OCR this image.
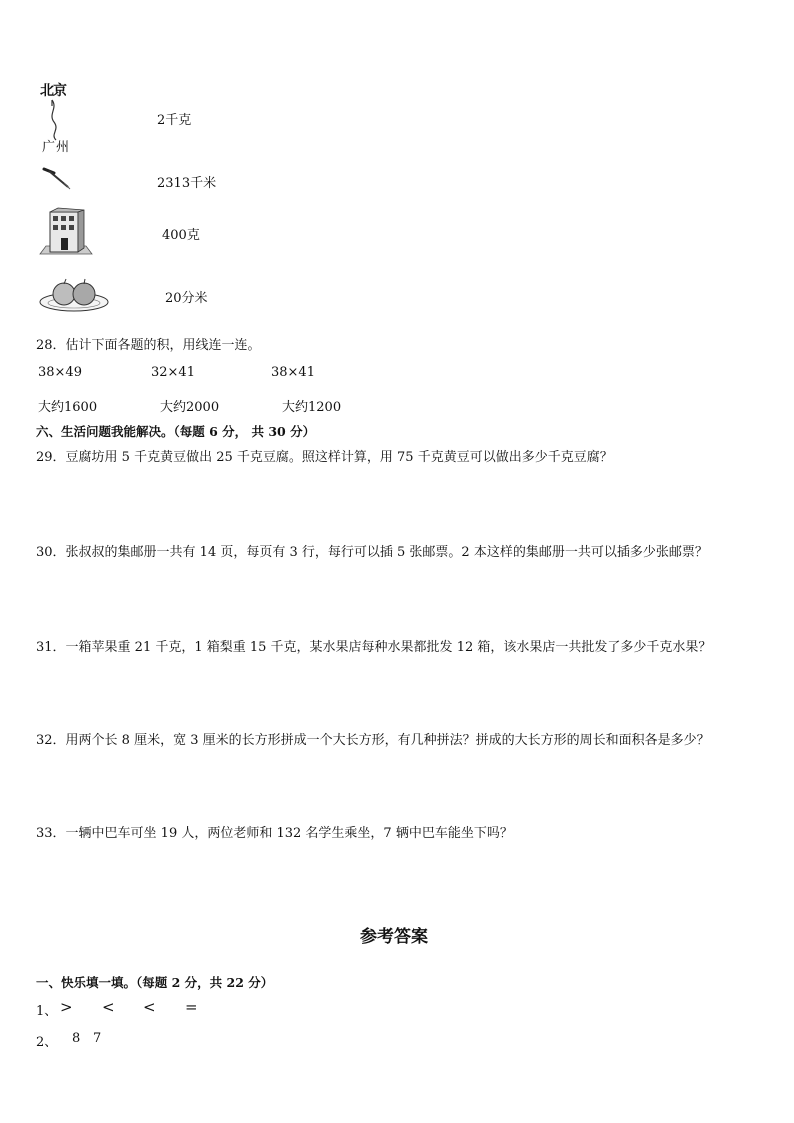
北京
广州
2千克
2313千米
400克
20分米
28．估计下面各题的积，用线连一连。
38×49	32×41	38×41
大约1600	大约2000	大约1200
六、生活问题我能解决。（每题 6 分， 共 30 分）
29．豆腐坊用 5 千克黄豆做出 25 千克豆腐。照这样计算，用 75 千克黄豆可以做出多少千克豆腐？
30．张叔叔的集邮册一共有 14 页，每页有 3 行，每行可以插 5 张邮票。2 本这样的集邮册一共可以插多少张邮票？
31．一箱苹果重 21 千克，1 箱梨重 15 千克，某水果店每种水果都批发 12 箱，该水果店一共批发了多少千克水果？
32．用两个长 8 厘米，宽 3 厘米的长方形拼成一个大长方形，有几种拼法？拼成的大长方形的周长和面积各是多少？
33．一辆中巴车可坐 19 人，两位老师和 132 名学生乘坐，7 辆中巴车能坐下吗？
参考答案
一、快乐填一填。（每题 2 分，共 22 分）
1、 > < < =
2、 8 7
